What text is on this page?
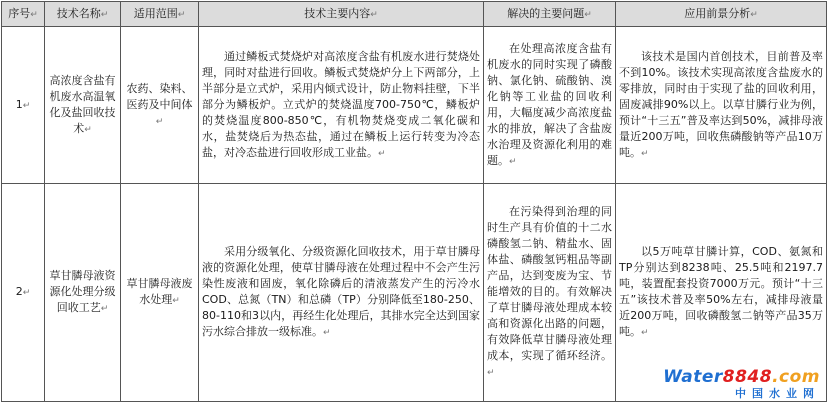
序号↵	技术名称↵	适用范围↵	技术主要内容↵	解决的主要问题↵	应用前景分析↵
1↵	高浓度含盐有机废水高温氧化及盐回收技术↵	农药、染料、医药及中间体↵	通过鳞板式焚烧炉对高浓度含盐有机废水进行焚烧处理，同时对盐进行回收。鳞板式焚烧炉分上下两部分，上半部分是立式炉，采用内倾式设计，防止物料挂壁，下半部分为鳞板炉。立式炉的焚烧温度700-750℃，鳞板炉的焚烧温度800-850℃，有机物焚烧变成二氧化碳和水，盐焚烧后为热态盐，通过在鳞板上运行转变为冷态盐，对冷态盐进行回收形成工业盐。↵	在处理高浓度含盐有机废水的同时实现了磷酸钠、氯化钠、硫酸钠、溴化钠等工业盐的回收利用，大幅度减少高浓度盐水的排放，解决了含盐废水治理及资源化利用的难题。↵	该技术是国内首创技术，目前普及率不到10%。该技术实现高浓度含盐废水的零排放，同时由于实现了盐的回收利用，固废减排90%以上。以草甘膦行业为例，预计“十三五”普及率达到50%，减排母液量近200万吨，回收焦磷酸钠等产品10万吨。↵
2↵	草甘膦母液资源化处理分级回收工艺↵	草甘膦母液废水处理↵	采用分级氧化、分级资源化回收技术，用于草甘膦母液的资源化处理，使草甘膦母液在处理过程中不会产生污染性废液和固废，氧化除磷后的清液蒸发产生的污冷水COD、总氮（TN）和总磷（TP）分别降低至180-250、80-110和3以内，再经生化处理后，其排水完全达到国家污水综合排放一级标准。↵	在污染得到治理的同时生产具有价值的十二水磷酸氢二钠、精盐水、固体盐、磷酸氢钙粗品等副产品，达到变废为宝、节能增效的目的。有效解决了草甘膦母液处理成本较高和资源化出路的问题，有效降低草甘膦母液处理成本，实现了循环经济。↵	以5万吨草甘膦计算，COD、氨氮和TP分别达到8238吨、25.5吨和2197.7吨，装置配套投资7000万元。预计“十三五”该技术普及率50%左右，减排母液量近200万吨，回收磷酸氢二钠等产品35万吨。↵
Water8848.com
中国水业网
